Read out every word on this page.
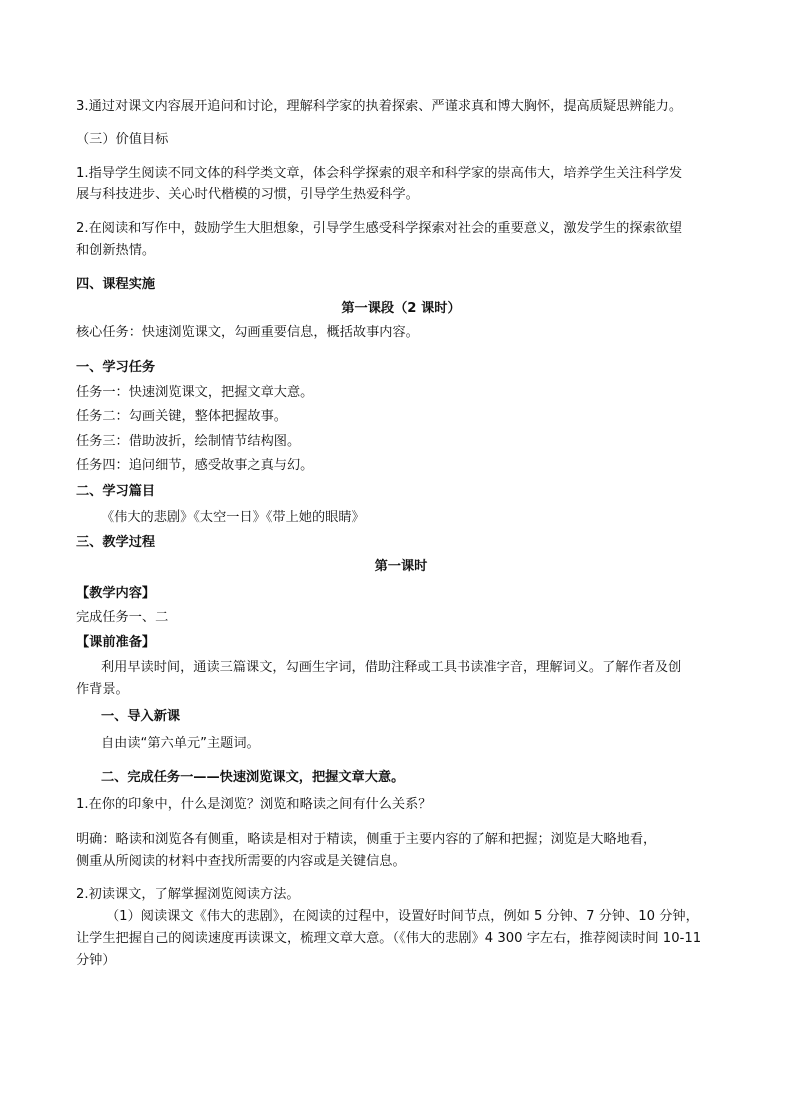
3.通过对课文内容展开追问和讨论，理解科学家的执着探索、严谨求真和博大胸怀，提高质疑思辨能力。
（三）价值目标
1.指导学生阅读不同文体的科学类文章，体会科学探索的艰辛和科学家的崇高伟大，培养学生关注科学发
展与科技进步、关心时代楷模的习惯，引导学生热爱科学。
2.在阅读和写作中，鼓励学生大胆想象，引导学生感受科学探索对社会的重要意义，激发学生的探索欲望
和创新热情。
四、课程实施
第一课段（2 课时）
核心任务：快速浏览课文，勾画重要信息，概括故事内容。
一、学习任务
任务一：快速浏览课文，把握文章大意。
任务二：勾画关键，整体把握故事。
任务三：借助波折，绘制情节结构图。
任务四：追问细节，感受故事之真与幻。
二、学习篇目
《伟大的悲剧》《太空一日》《带上她的眼睛》
三、教学过程
第一课时
【教学内容】
完成任务一、二
【课前准备】
利用早读时间，通读三篇课文，勾画生字词，借助注释或工具书读准字音，理解词义。了解作者及创
作背景。
一、导入新课
自由读“第六单元”主题词。
二、完成任务一——快速浏览课文，把握文章大意。
1.在你的印象中，什么是浏览？浏览和略读之间有什么关系？
明确：略读和浏览各有侧重，略读是相对于精读，侧重于主要内容的了解和把握；浏览是大略地看，
侧重从所阅读的材料中查找所需要的内容或是关键信息。
2.初读课文，了解掌握浏览阅读方法。
（1）阅读课文《伟大的悲剧》，在阅读的过程中，设置好时间节点，例如 5 分钟、7 分钟、10 分钟，
让学生把握自己的阅读速度再读课文，梳理文章大意。（《伟大的悲剧》4 300 字左右，推荐阅读时间 10-11
分钟）
